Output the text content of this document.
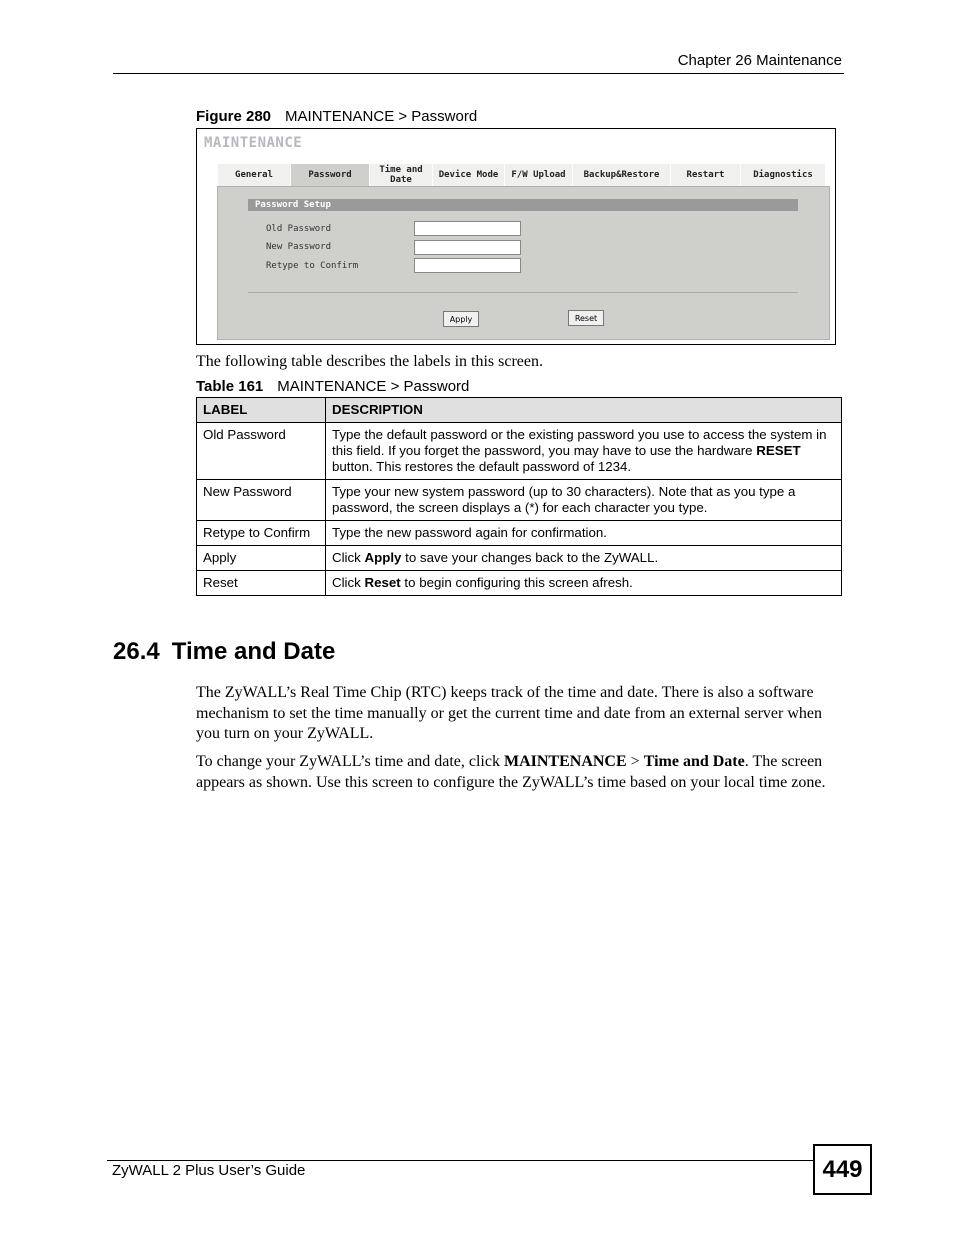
Chapter 26 Maintenance
Figure 280 MAINTENANCE > Password
MAINTENANCE
General	Password	Time and Date	Device Mode	F/W Upload	Backup&Restore	Restart	Diagnostics
Password Setup
Old Password
New Password
Retype to Confirm
Apply	Reset
The following table describes the labels in this screen.
Table 161 MAINTENANCE > Password
LABEL	DESCRIPTION
Old Password	Type the default password or the existing password you use to access the system in this field. If you forget the password, you may have to use the hardware RESET button. This restores the default password of 1234.
New Password	Type your new system password (up to 30 characters). Note that as you type a password, the screen displays a (*) for each character you type.
Retype to Confirm	Type the new password again for confirmation.
Apply	Click Apply to save your changes back to the ZyWALL.
Reset	Click Reset to begin configuring this screen afresh.
26.4 Time and Date
The ZyWALL’s Real Time Chip (RTC) keeps track of the time and date. There is also a software mechanism to set the time manually or get the current time and date from an external server when you turn on your ZyWALL.
To change your ZyWALL’s time and date, click MAINTENANCE > Time and Date. The screen appears as shown. Use this screen to configure the ZyWALL’s time based on your local time zone.
ZyWALL 2 Plus User’s Guide	449
